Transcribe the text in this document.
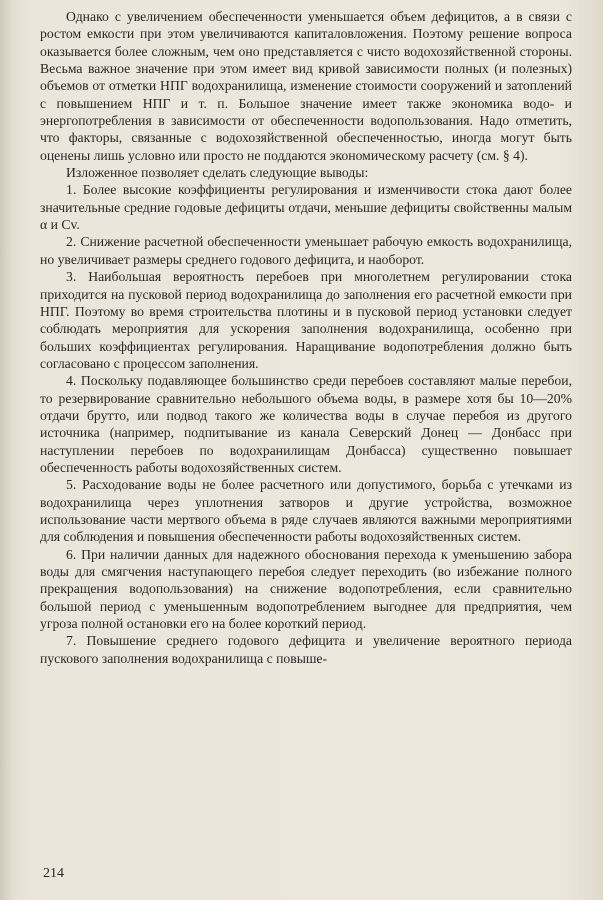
Однако с увеличением обеспеченности уменьшается объем дефицитов, а в связи с ростом емкости при этом увеличиваются капиталовложения. Поэтому решение вопроса оказывается более сложным, чем оно представляется с чисто водохозяйственной стороны. Весьма важное значение при этом имеет вид кривой зависимости полных (и полезных) объемов от отметки НПГ водохранилища, изменение стоимости сооружений и затоплений с повышением НПГ и т. п. Большое значение имеет также экономика водо- и энергопотребления в зависимости от обеспеченности водопользования. Надо отметить, что факторы, связанные с водохозяйственной обеспеченностью, иногда могут быть оценены лишь условно или просто не поддаются экономическому расчету (см. § 4).

Изложенное позволяет сделать следующие выводы:

1. Более высокие коэффициенты регулирования и изменчивости стока дают более значительные средние годовые дефициты отдачи, меньшие дефициты свойственны малым α и Cv.

2. Снижение расчетной обеспеченности уменьшает рабочую емкость водохранилища, но увеличивает размеры среднего годового дефицита, и наоборот.

3. Наибольшая вероятность перебоев при многолетнем регулировании стока приходится на пусковой период водохранилища до заполнения его расчетной емкости при НПГ. Поэтому во время строительства плотины и в пусковой период установки следует соблюдать мероприятия для ускорения заполнения водохранилища, особенно при больших коэффициентах регулирования. Наращивание водопотребления должно быть согласовано с процессом заполнения.

4. Поскольку подавляющее большинство среди перебоев составляют малые перебои, то резервирование сравнительно небольшого объема воды, в размере хотя бы 10—20% отдачи брутто, или подвод такого же количества воды в случае перебоя из другого источника (например, подпитывание из канала Северский Донец — Донбасс при наступлении перебоев по водохранилищам Донбасса) существенно повышает обеспеченность работы водохозяйственных систем.

5. Расходование воды не более расчетного или допустимого, борьба с утечками из водохранилища через уплотнения затворов и другие устройства, возможное использование части мертвого объема в ряде случаев являются важными мероприятиями для соблюдения и повышения обеспеченности работы водохозяйственных систем.

6. При наличии данных для надежного обоснования перехода к уменьшению забора воды для смягчения наступающего перебоя следует переходить (во избежание полного прекращения водопользования) на снижение водопотребления, если сравнительно большой период с уменьшенным водопотреблением выгоднее для предприятия, чем угроза полной остановки его на более короткий период.

7. Повышение среднего годового дефицита и увеличение вероятного периода пускового заполнения водохранилища с повыше-

214
